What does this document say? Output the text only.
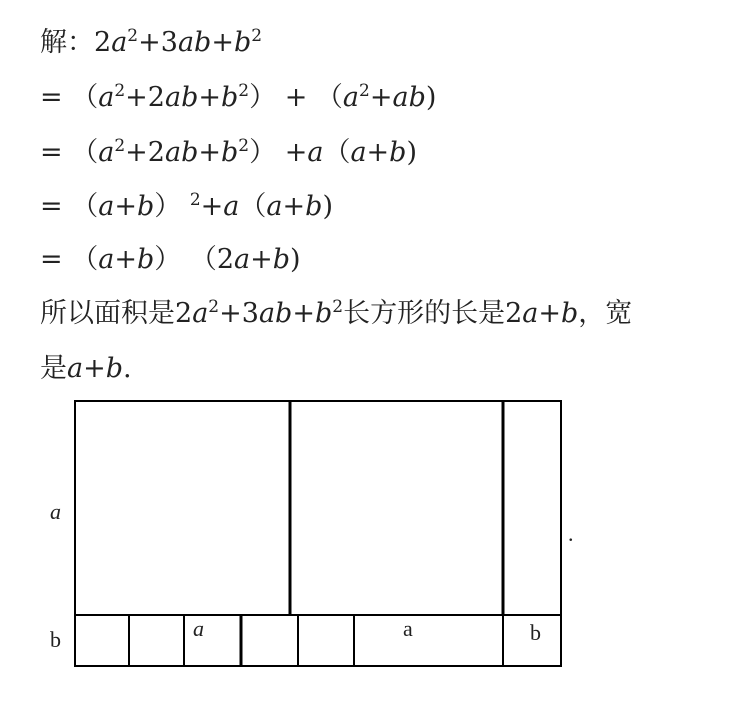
解：$2a^2+3ab+b^2$
= $(a^2+2ab+b^2) + (a^2+ab)$
= $(a^2+2ab+b^2) +a(a+b)$
= （a+b） $^2$+a（a+b)
= （a+b） （2a+b)
所以面积是$2a^2+3ab+b^2$长方形的长是2a+b，宽
是a+b.
a
b	a	a	b
.
